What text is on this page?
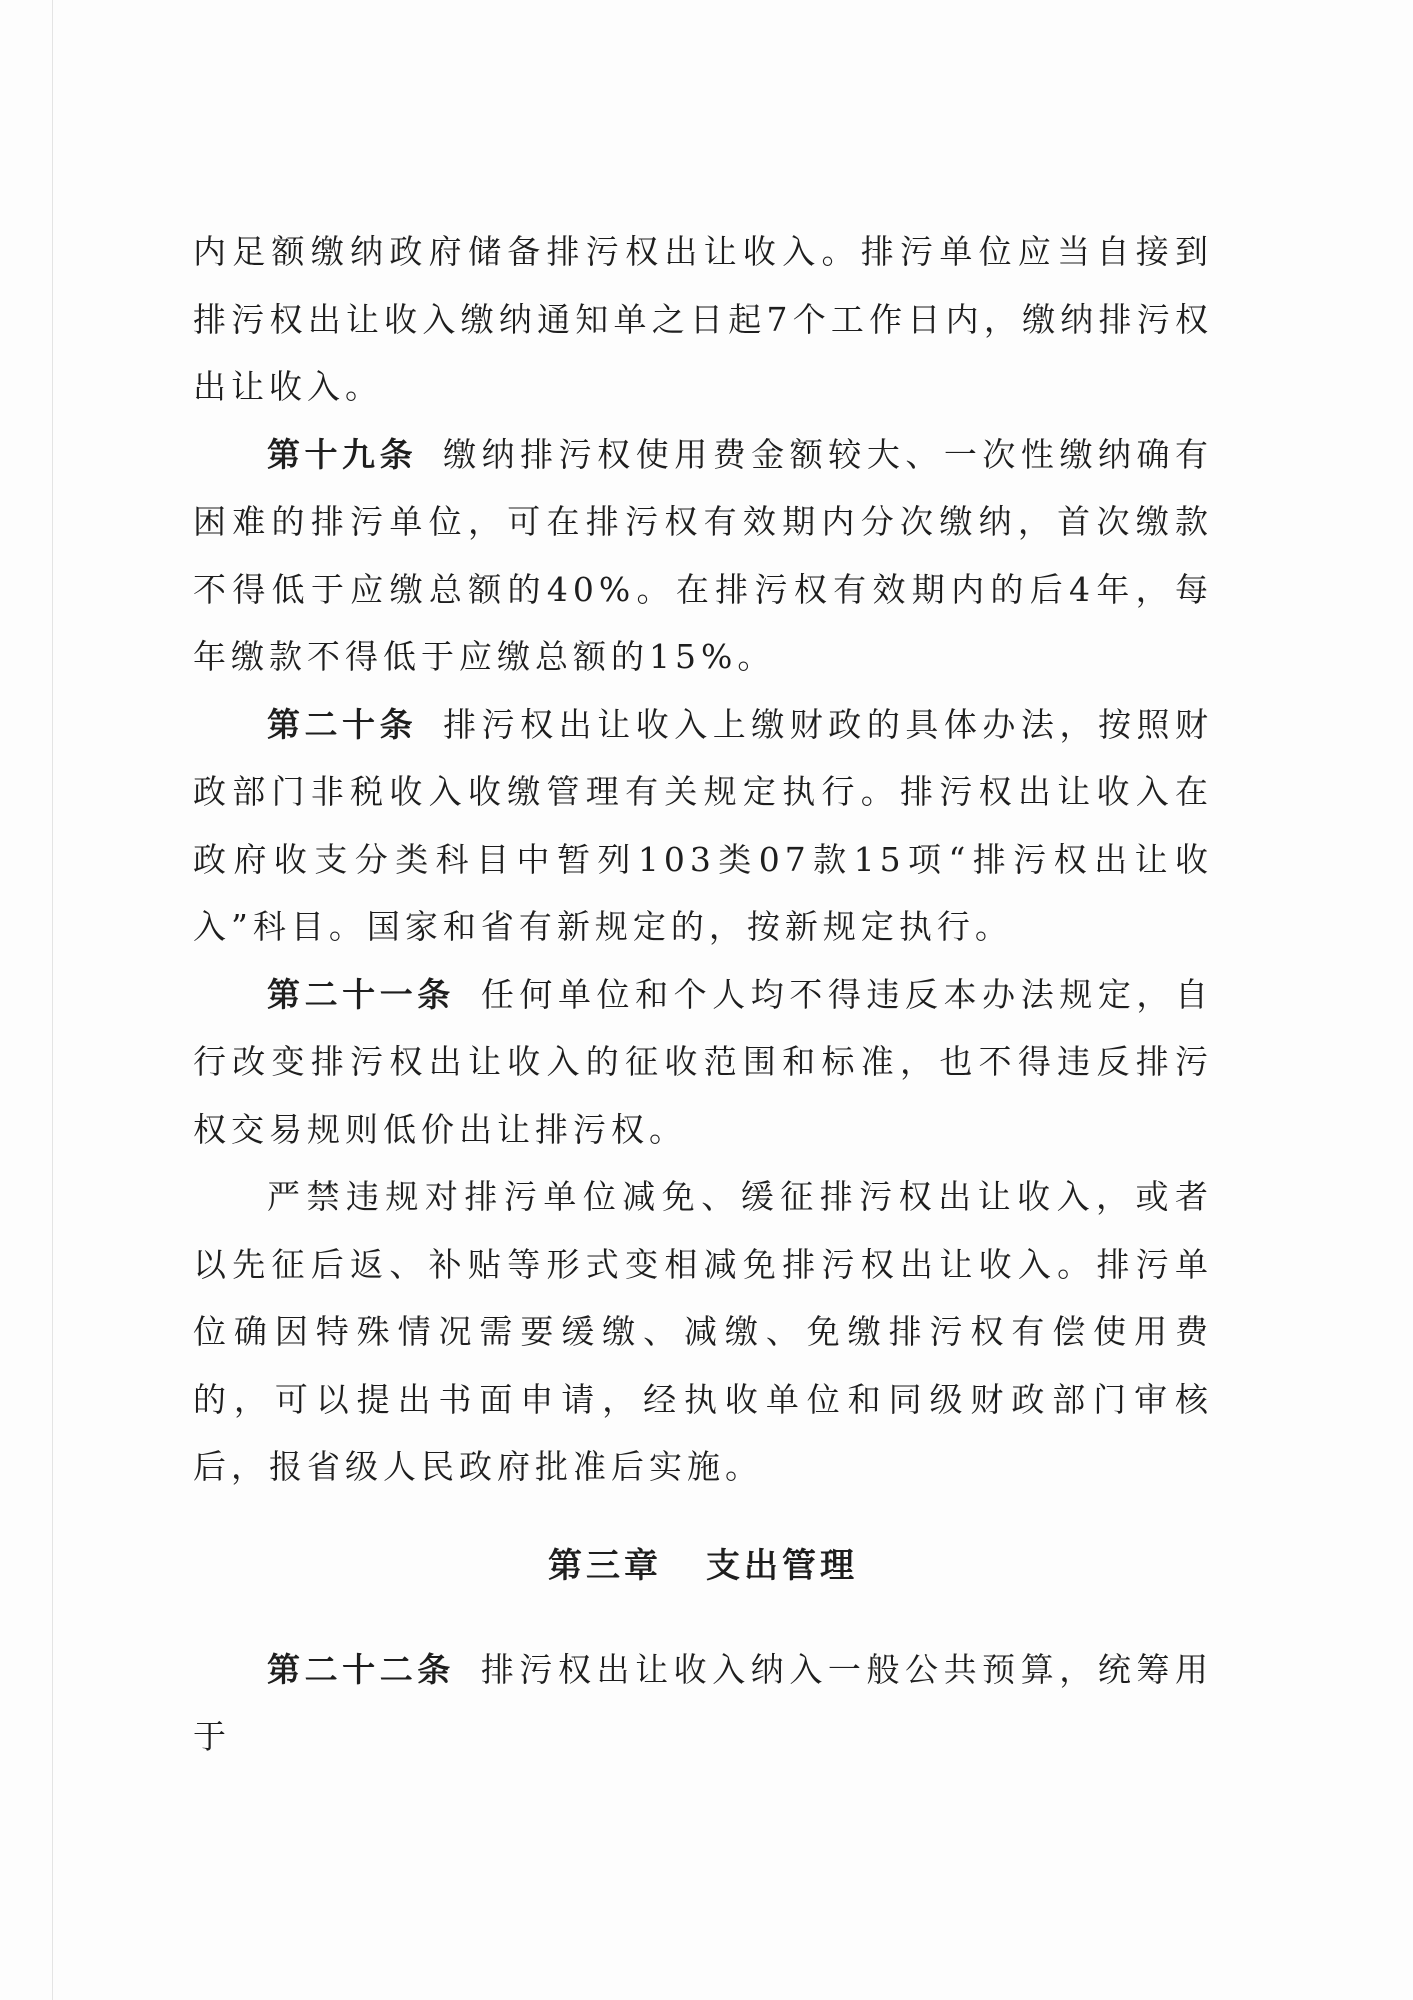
内足额缴纳政府储备排污权出让收入。排污单位应当自接到排污权出让收入缴纳通知单之日起7个工作日内，缴纳排污权出让收入。

第十九条 缴纳排污权使用费金额较大、一次性缴纳确有困难的排污单位，可在排污权有效期内分次缴纳，首次缴款不得低于应缴总额的40%。在排污权有效期内的后4年，每年缴款不得低于应缴总额的15%。

第二十条 排污权出让收入上缴财政的具体办法，按照财政部门非税收入收缴管理有关规定执行。排污权出让收入在政府收支分类科目中暂列103类07款15项“排污权出让收入”科目。国家和省有新规定的，按新规定执行。

第二十一条 任何单位和个人均不得违反本办法规定，自行改变排污权出让收入的征收范围和标准，也不得违反排污权交易规则低价出让排污权。

严禁违规对排污单位减免、缓征排污权出让收入，或者以先征后返、补贴等形式变相减免排污权出让收入。排污单位确因特殊情况需要缓缴、减缴、免缴排污权有偿使用费的，可以提出书面申请，经执收单位和同级财政部门审核后，报省级人民政府批准后实施。

第三章 支出管理

第二十二条 排污权出让收入纳入一般公共预算，统筹用于
